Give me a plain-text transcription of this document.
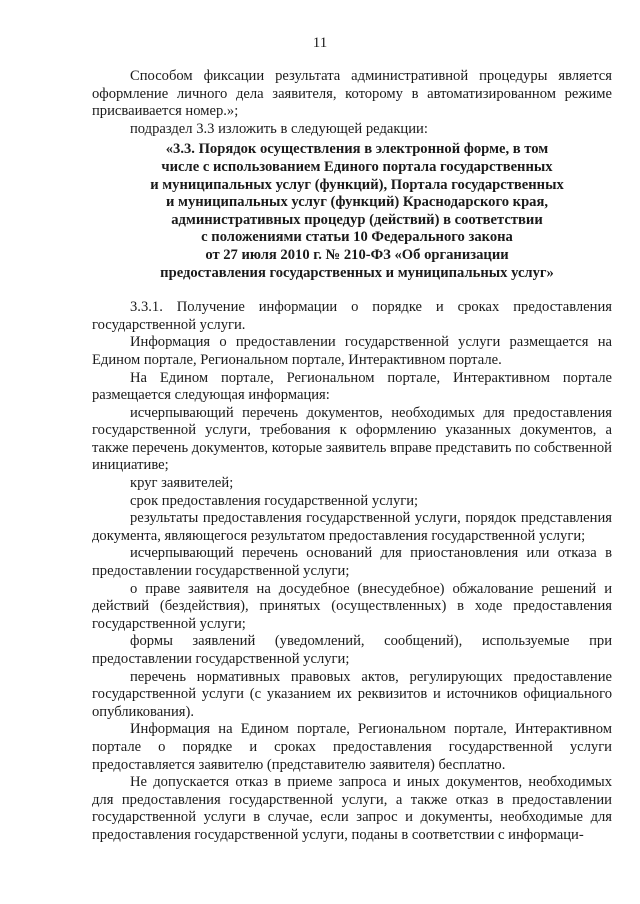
11

Способом фиксации результата административной процедуры является оформление личного дела заявителя, которому в автоматизированном режиме присваивается номер.»;

подраздел 3.3 изложить в следующей редакции:

«3.3. Порядок осуществления в электронной форме, в том
числе с использованием Единого портала государственных
и муниципальных услуг (функций), Портала государственных
и муниципальных услуг (функций) Краснодарского края,
административных процедур (действий) в соответствии
с положениями статьи 10 Федерального закона
от 27 июля 2010 г. № 210-ФЗ «Об организации
предоставления государственных и муниципальных услуг»

3.3.1. Получение информации о порядке и сроках предоставления государственной услуги.

Информация о предоставлении государственной услуги размещается на Едином портале, Региональном портале, Интерактивном портале.

На Едином портале, Региональном портале, Интерактивном портале размещается следующая информация:

исчерпывающий перечень документов, необходимых для предоставления государственной услуги, требования к оформлению указанных документов, а также перечень документов, которые заявитель вправе представить по собственной инициативе;

круг заявителей;

срок предоставления государственной услуги;

результаты предоставления государственной услуги, порядок представления документа, являющегося результатом предоставления государственной услуги;

исчерпывающий перечень оснований для приостановления или отказа в предоставлении государственной услуги;

о праве заявителя на досудебное (внесудебное) обжалование решений и действий (бездействия), принятых (осуществленных) в ходе предоставления государственной услуги;

формы заявлений (уведомлений, сообщений), используемые при предоставлении государственной услуги;

перечень нормативных правовых актов, регулирующих предоставление государственной услуги (с указанием их реквизитов и источников официального опубликования).

Информация на Едином портале, Региональном портале, Интерактивном портале о порядке и сроках предоставления государственной услуги предоставляется заявителю (представителю заявителя) бесплатно.

Не допускается отказ в приеме запроса и иных документов, необходимых для предоставления государственной услуги, а также отказ в предоставлении государственной услуги в случае, если запрос и документы, необходимые для предоставления государственной услуги, поданы в соответствии с информаци-
